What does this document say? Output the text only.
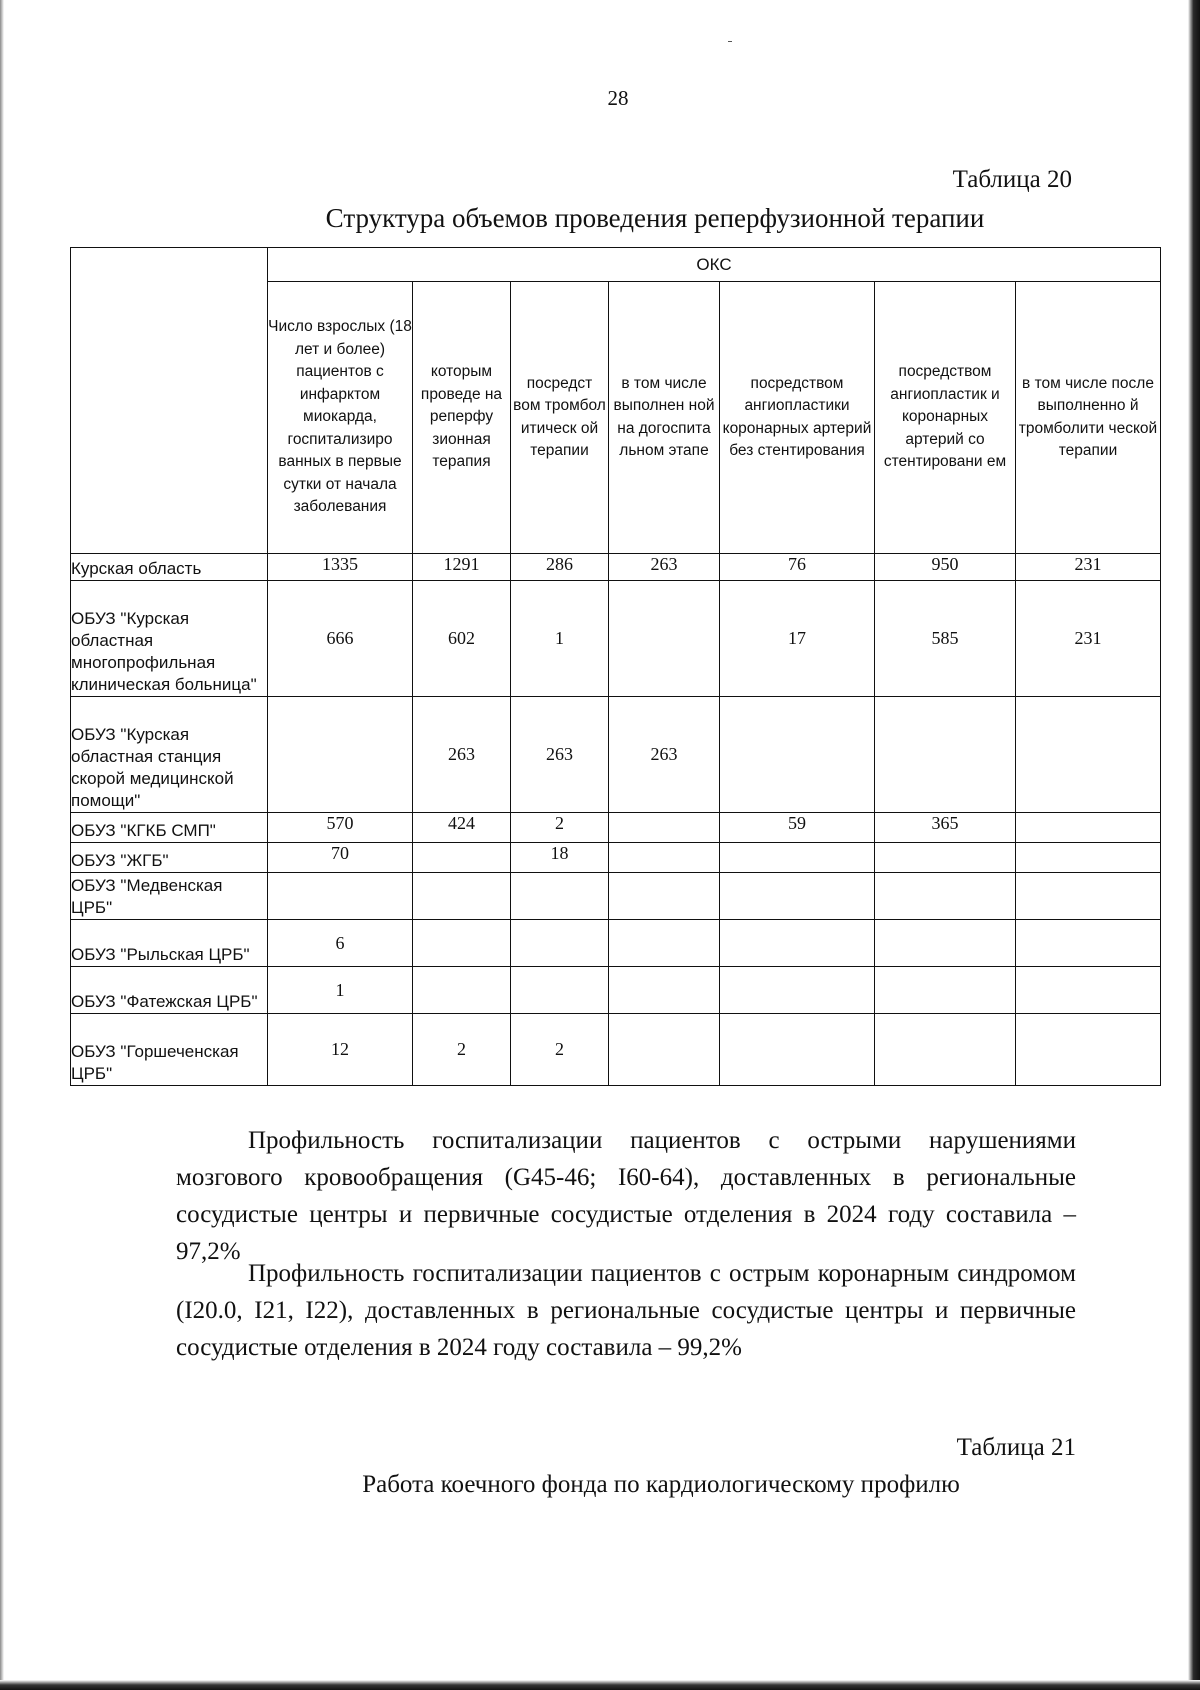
28
Таблица 20
Структура объемов проведения реперфузионной терапии
	ОКС						
	Число взрослых (18 лет и более) пациентов с инфарктом миокарда, госпитализиро ванных в первые сутки от начала заболевания	которым проведе на реперфу зионная терапия	посредст вом тромбол итическ ой терапии	в том числе выполнен ной на догоспита льном этапе	посредством ангиопластики коронарных артерий без стентирования	посредством ангиопластик и коронарных артерий со стентировани ем	в том числе после выполненно й тромболити ческой терапии
Курская область	1335	1291	286	263	76	950	231
ОБУЗ "Курская областная многопрофильная клиническая больница"	666	602	1		17	585	231
ОБУЗ "Курская областная станция скорой медицинской помощи"		263	263	263			
ОБУЗ "КГКБ СМП"	570	424	2		59	365	
ОБУЗ "ЖГБ"	70		18				
ОБУЗ "Медвенская ЦРБ"							
ОБУЗ "Рыльская ЦРБ"	6						
ОБУЗ "Фатежская ЦРБ"	1						
ОБУЗ "Горшеченская ЦРБ"	12	2	2				

Профильность госпитализации пациентов с острыми нарушениями мозгового кровообращения (G45-46; I60-64), доставленных в региональные сосудистые центры и первичные сосудистые отделения в 2024 году составила – 97,2%

Профильность госпитализации пациентов с острым коронарным синдромом (I20.0, I21, I22), доставленных в региональные сосудистые центры и первичные сосудистые отделения в 2024 году составила – 99,2%

Таблица 21
Работа коечного фонда по кардиологическому профилю
